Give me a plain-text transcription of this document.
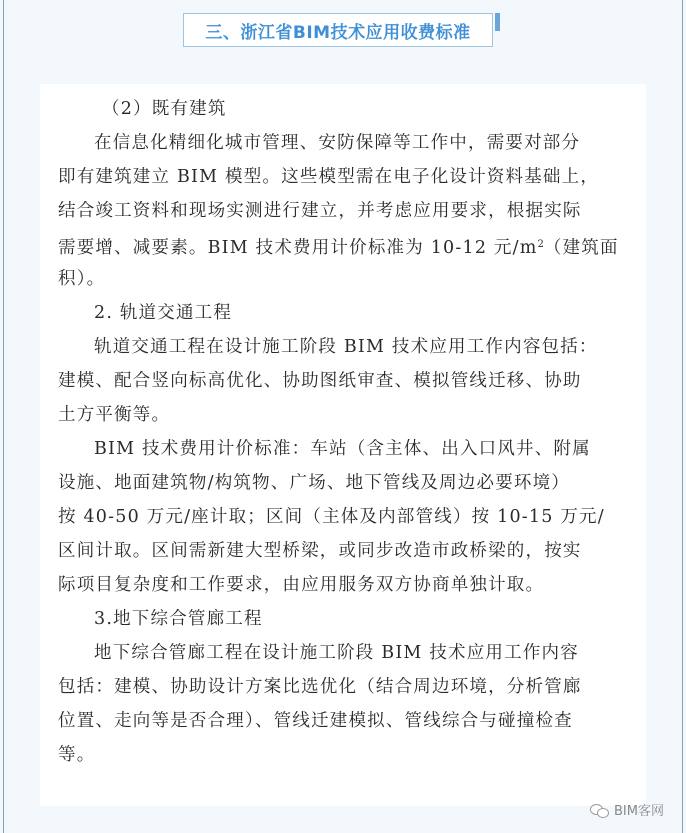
三、浙江省BIM技术应用收费标准
（2）既有建筑
在信息化精细化城市管理、安防保障等工作中，需要对部分
即有建筑建立 BIM 模型。这些模型需在电子化设计资料基础上，
结合竣工资料和现场实测进行建立，并考虑应用要求，根据实际
需要增、减要素。BIM 技术费用计价标准为 10-12 元$/m^2$（建筑面
积）。
2. 轨道交通工程
轨道交通工程在设计施工阶段 BIM 技术应用工作内容包括：
建模、配合竖向标高优化、协助图纸审查、模拟管线迁移、协助
土方平衡等。
BIM 技术费用计价标准：车站（含主体、出入口风井、附属
设施、地面建筑物/构筑物、广场、地下管线及周边必要环境）
按 40-50 万元/座计取；区间（主体及内部管线）按 10-15 万元/
区间计取。区间需新建大型桥梁，或同步改造市政桥梁的，按实
际项目复杂度和工作要求，由应用服务双方协商单独计取。
3.地下综合管廊工程
地下综合管廊工程在设计施工阶段 BIM 技术应用工作内容
包括：建模、协助设计方案比选优化（结合周边环境，分析管廊
位置、走向等是否合理）、管线迁建模拟、管线综合与碰撞检查
等。
BIM客网
